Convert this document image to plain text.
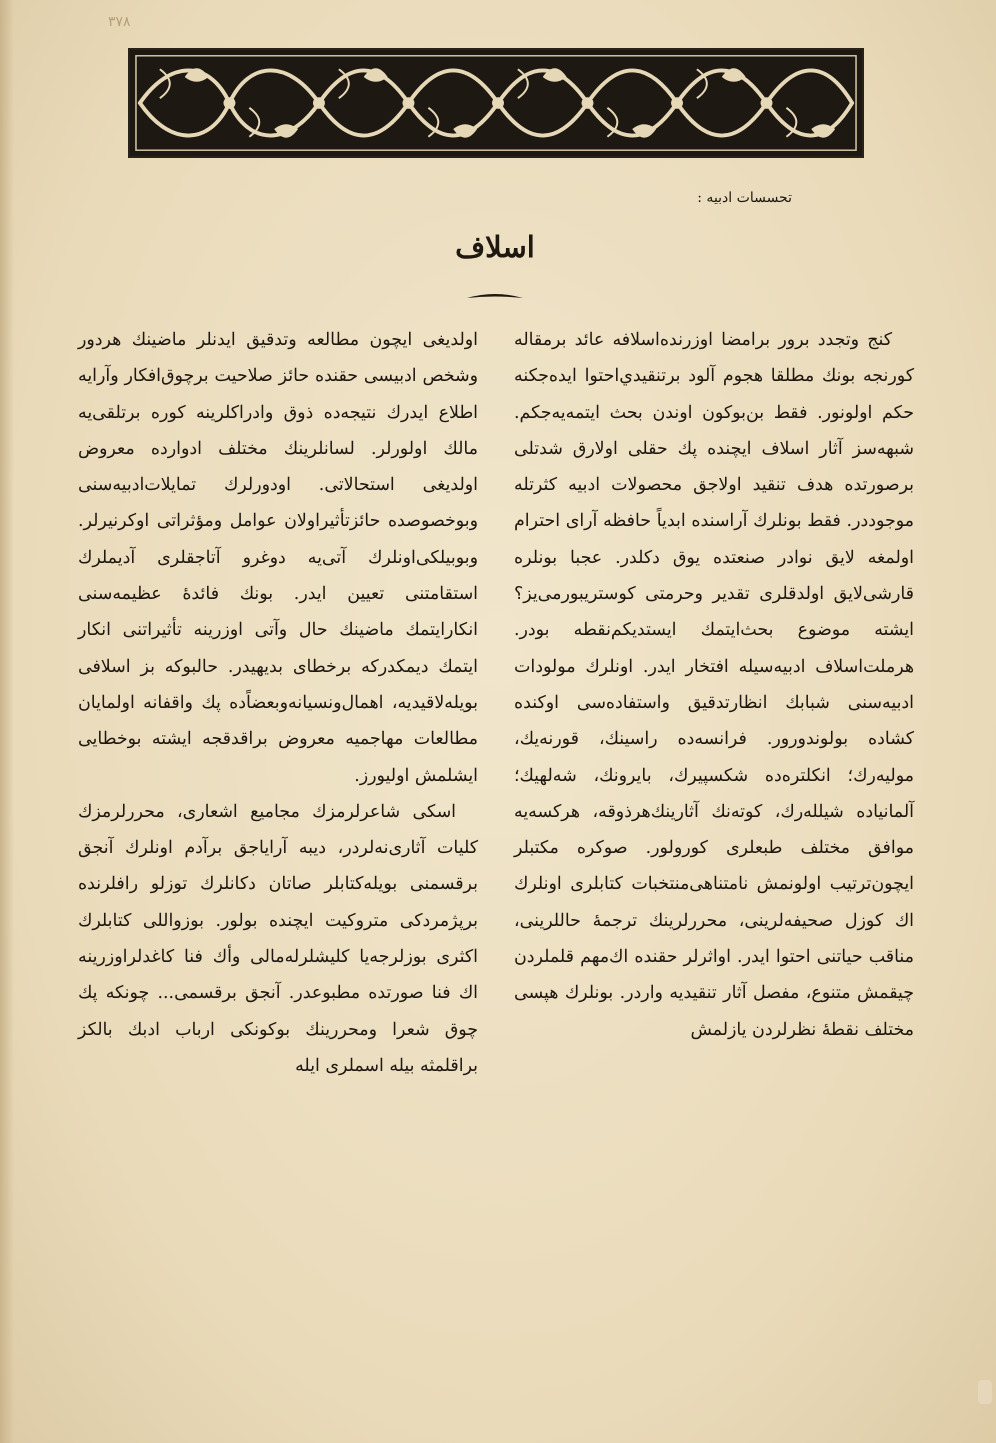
٣٧٨
تحسسات ادبيه :
اسلاف

كنج وتجدد برور برامضا اوزرنده‌اسلافه عائد برمقاله كورنجه بونك مطلقا هجوم آلود برتنقيدي‌احتوا ايده‌جكنه حكم اولونور. فقط بن‌بوكون اوندن بحث ايتمه‌يه‌جكم. شبهه‌سز آثار اسلاف ايچنده پك حقلى اولارق شدتلى برصورتده هدف تنقيد اولاجق محصولات ادبيه كثرتله موجوددر. فقط بونلرك آراسنده ابدياً حافظه آراى احترام اولمغه لايق نوادر صنعتده يوق دكلدر. عجبا بونلره قارشى‌لايق اولدقلرى تقدير وحرمتى كوستريبورمى‌يز؟ ايشته موضوع بحث‌ايتمك ايستديكم‌نقطه بودر. هرملت‌اسلاف ادبيه‌سيله افتخار ايدر. اونلرك مولودات ادبيه‌سنى شبابك انظارتدقيق واستفاده‌سى اوكنده كشاده بولوندورور. فرانسه‌ده راسينك، قورنه‌يك، موليه‌رك؛ انكلتره‌ده شكسپيرك، بايرونك، شه‌لهيك؛ آلمانياده شيلله‌رك، كوته‌نك آثارينك‌هرذوقه، هركسه‌يه موافق مختلف طبعلرى كورولور. صوكره مكتبلر ايچون‌ترتيب اولونمش نامتناهى‌منتخبات كتابلرى اونلرك اك كوزل صحيفه‌لرينى، محررلرينك ترجمۀ حاللرينى، مناقب حياتنى احتوا ايدر. اواثرلر حقنده اك‌مهم قلملردن چيقمش متنوع، مفصل آثار تنقيديه واردر. بونلرك هپسى مختلف نقطۀ نظرلردن يازلمش

اولديغى ايچون مطالعه وتدقيق ايدنلر ماضينك هردور وشخص ادبيسى حقنده حائز صلاحيت برچوق‌افكار وآرايه اطلاع ايدرك نتيجه‌ده ذوق وادراكلرينه كوره برتلقى‌يه مالك اولورلر. لسانلرينك مختلف ادوارده معروض اولديغى استحالاتى. اودورلرك تمايلات‌ادبيه‌سنى وبوخصوصده حائزتأثيراولان عوامل ومؤثراتى اوكرنيرلر. وبوبيلكى‌اونلرك آتى‌يه دوغرو آتاجقلرى آديملرك استقامتنى تعيين ايدر. بونك فائدۀ عظيمه‌سنى انكارايتمك ماضينك حال وآتى اوزرينه تأثيراتنى انكار ايتمك ديمكدركه برخطاى بديهيدر. حالبوكه بز اسلافى بويله‌لاقيديه، اهمال‌ونسيانه‌وبعضاً‌ده پك واقفانه اولمايان مطالعات مهاجميه معروض براقدقجه ايشته بوخطايى ايشلمش اوليورز.

اسكى شاعرلرمزك مجاميع اشعارى، محررلرمزك كليات آثارى‌نه‌لردر، ديبه آراياجق برآدم اونلرك آنجق برقسمنى بويله‌كتابلر صاتان دكانلرك توزلو رافلرنده برپژمردكى متروكيت ايچنده بولور. بوزواللى كتابلرك اكثرى بوزلرجه‌يا كليشلرله‌مالى وأك فنا كاغدلراوزرينه اك فنا صورتده مطبوعدر. آنجق برقسمى... چونكه پك چوق شعرا ومحررينك بوكونكى ارباب ادبك بالكز براقلمثه بيله اسملرى ايله
